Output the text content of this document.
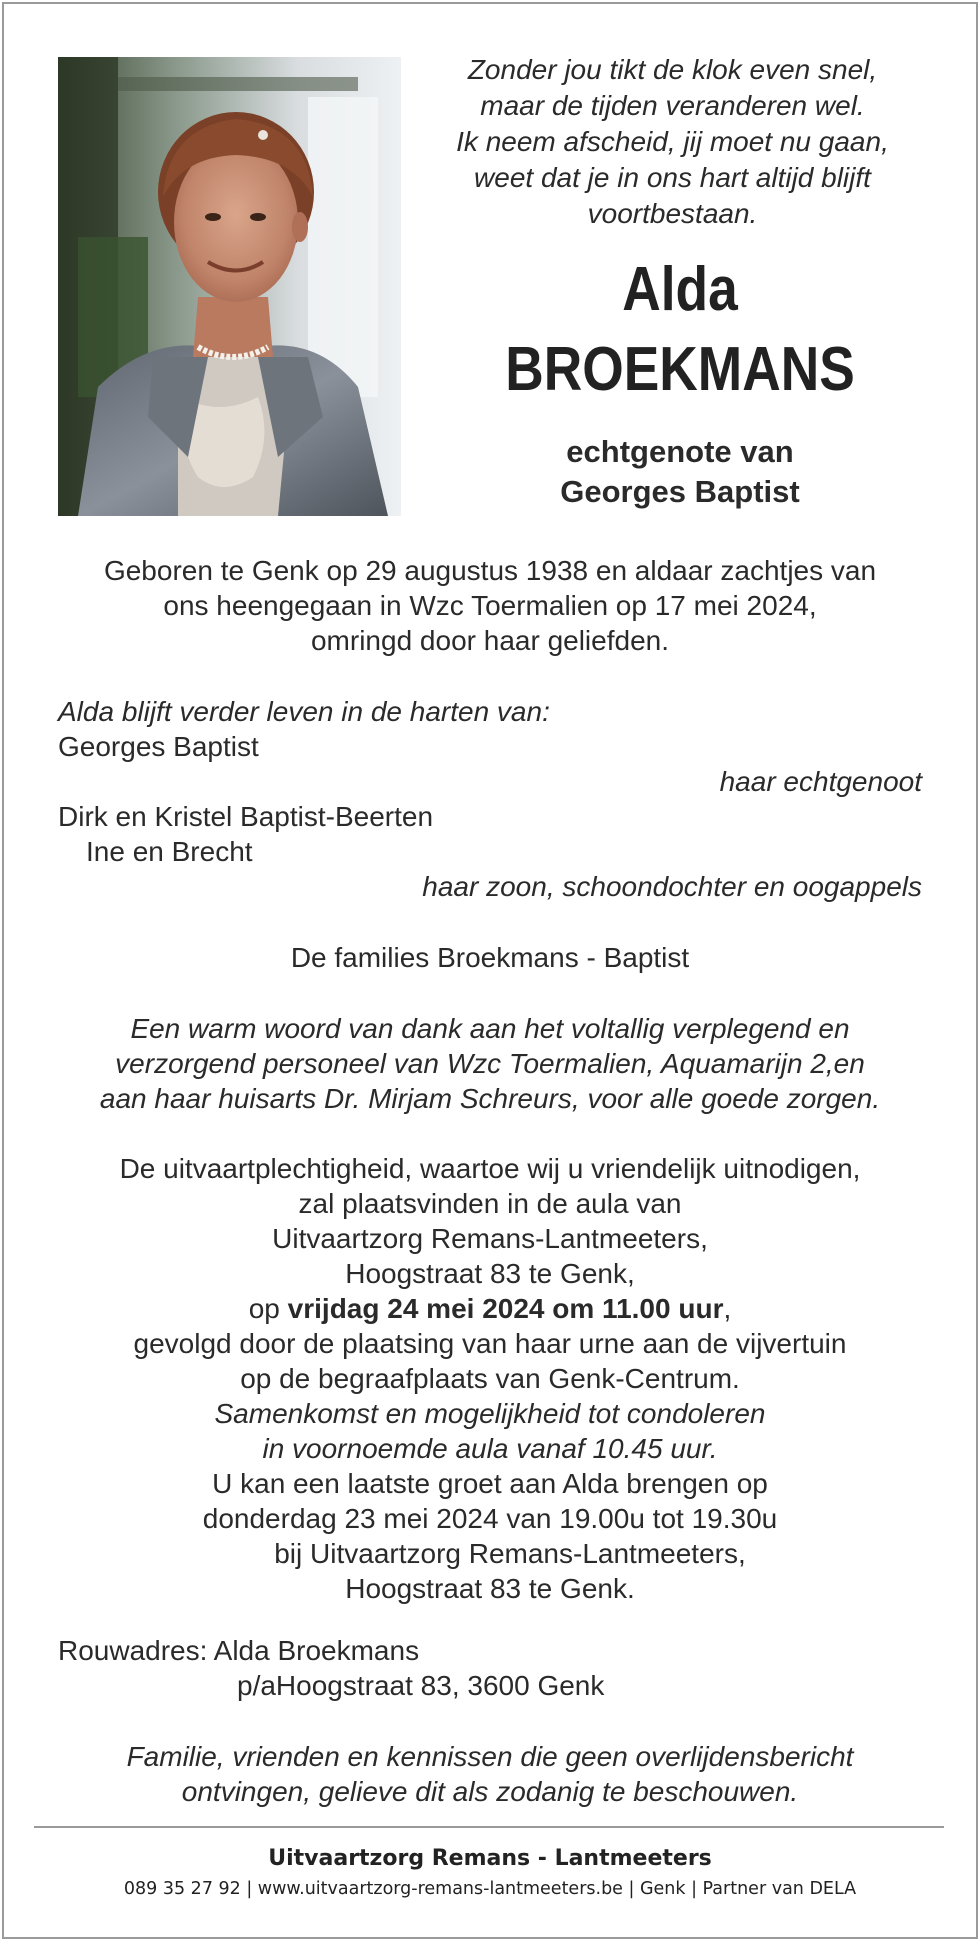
Zonder jou tikt de klok even snel,
maar de tijden veranderen wel.
Ik neem afscheid, jij moet nu gaan,
weet dat je in ons hart altijd blijft
voortbestaan.
Alda
BROEKMANS
echtgenote van
Georges Baptist
Geboren te Genk op 29 augustus 1938 en aldaar zachtjes van
ons heengegaan in Wzc Toermalien op 17 mei 2024,
omringd door haar geliefden.
Alda blijft verder leven in de harten van:
Georges Baptist
haar echtgenoot
Dirk en Kristel Baptist-Beerten
Ine en Brecht
haar zoon, schoondochter en oogappels
De families Broekmans - Baptist
Een warm woord van dank aan het voltallig verplegend en
verzorgend personeel van Wzc Toermalien, Aquamarijn 2,en
aan haar huisarts Dr. Mirjam Schreurs, voor alle goede zorgen.
De uitvaartplechtigheid, waartoe wij u vriendelijk uitnodigen,
zal plaatsvinden in de aula van
Uitvaartzorg Remans-Lantmeeters,
Hoogstraat 83 te Genk,
op vrijdag 24 mei 2024 om 11.00 uur,
gevolgd door de plaatsing van haar urne aan de vijvertuin
op de begraafplaats van Genk-Centrum.
Samenkomst en mogelijkheid tot condoleren
in voornoemde aula vanaf 10.45 uur.
U kan een laatste groet aan Alda brengen op
donderdag 23 mei 2024 van 19.00u tot 19.30u
bij Uitvaartzorg Remans-Lantmeeters,
Hoogstraat 83 te Genk.
Rouwadres: Alda Broekmans
p/aHoogstraat 83, 3600 Genk
Familie, vrienden en kennissen die geen overlijdensbericht
ontvingen, gelieve dit als zodanig te beschouwen.
Uitvaartzorg Remans - Lantmeeters
089 35 27 92 | www.uitvaartzorg-remans-lantmeeters.be | Genk | Partner van DELA
